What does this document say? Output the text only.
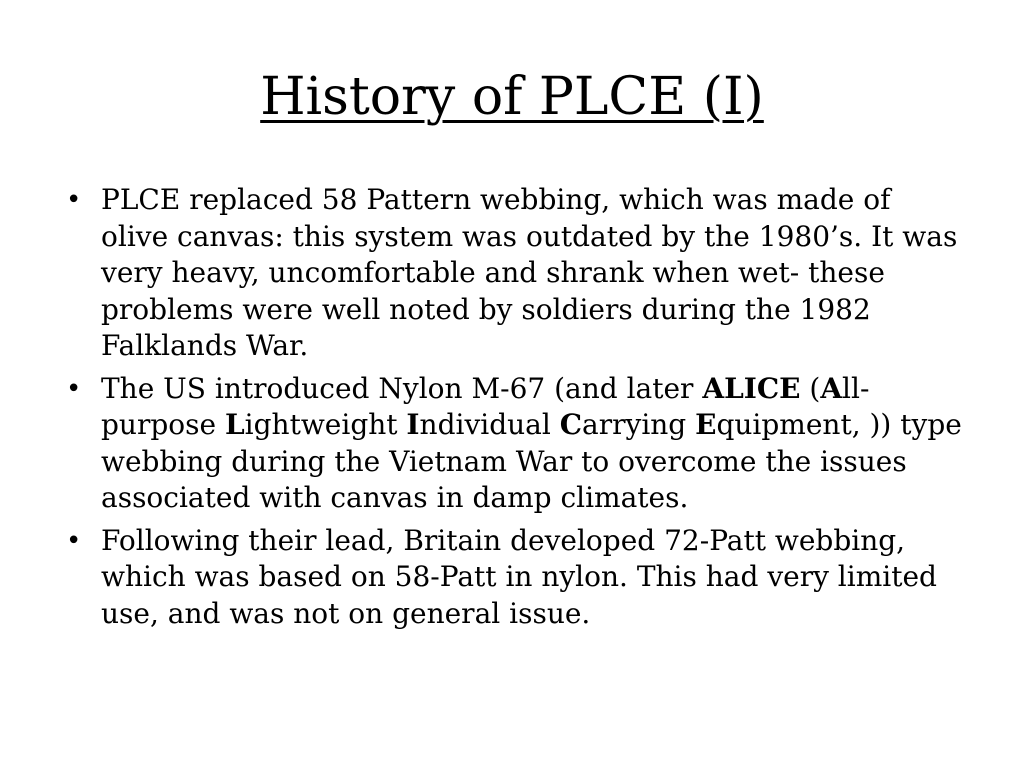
History of PLCE (I)
• PLCE replaced 58 Pattern webbing, which was made of olive canvas: this system was outdated by the 1980’s. It was very heavy, uncomfortable and shrank when wet- these problems were well noted by soldiers during the 1982 Falklands War.
• The US introduced Nylon M-67 (and later ALICE (All-purpose Lightweight Individual Carrying Equipment, )) type webbing during the Vietnam War to overcome the issues associated with canvas in damp climates.
• Following their lead, Britain developed 72-Patt webbing, which was based on 58-Patt in nylon. This had very limited use, and was not on general issue.
